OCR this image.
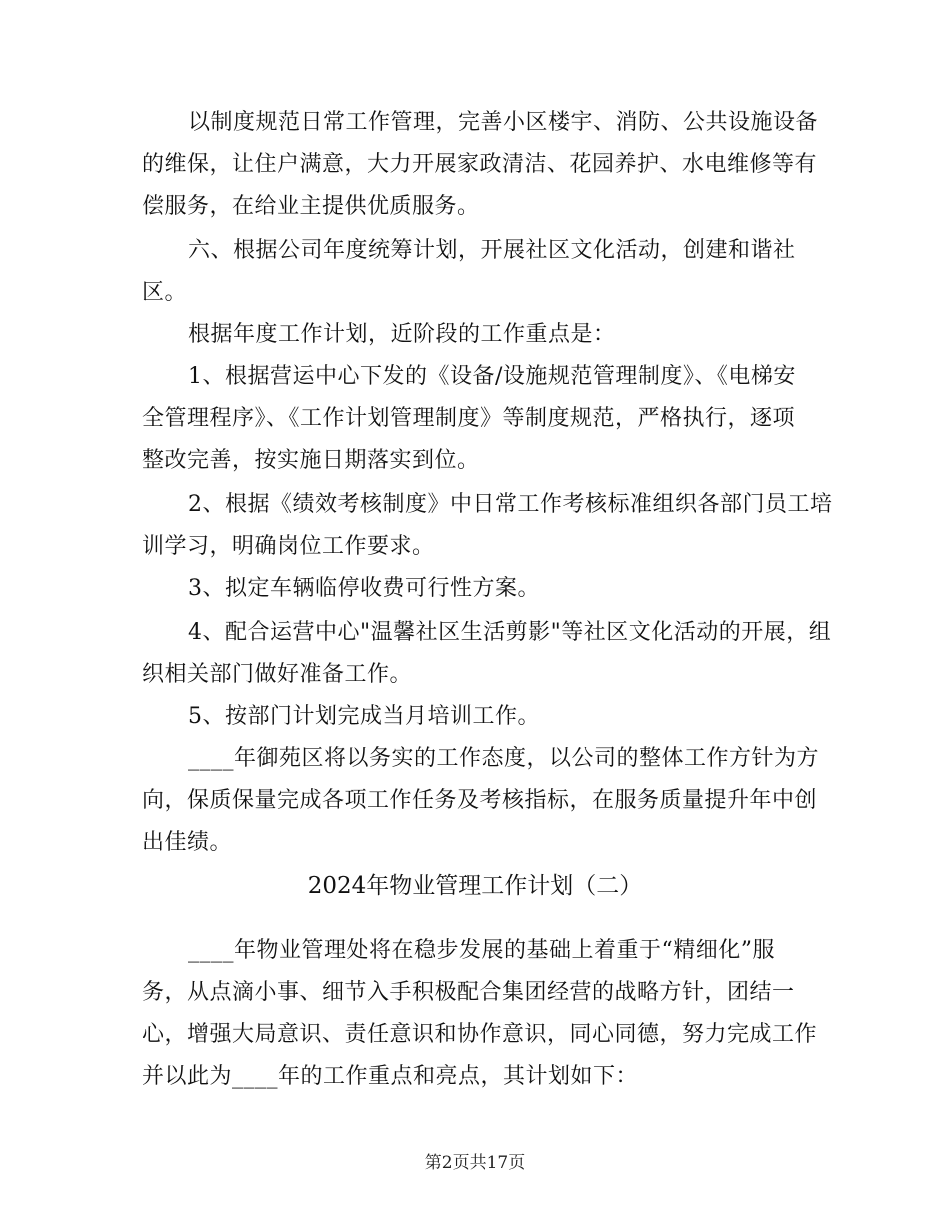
以制度规范日常工作管理，完善小区楼宇、消防、公共设施设备
的维保，让住户满意，大力开展家政清洁、花园养护、水电维修等有
偿服务，在给业主提供优质服务。
六、根据公司年度统筹计划，开展社区文化活动，创建和谐社
区。
根据年度工作计划，近阶段的工作重点是：
1、根据营运中心下发的《设备/设施规范管理制度》、《电梯安
全管理程序》、《工作计划管理制度》等制度规范，严格执行，逐项
整改完善，按实施日期落实到位。
2、根据《绩效考核制度》中日常工作考核标准组织各部门员工培
训学习，明确岗位工作要求。
3、拟定车辆临停收费可行性方案。
4、配合运营中心"温馨社区生活剪影"等社区文化活动的开展，组
织相关部门做好准备工作。
5、按部门计划完成当月培训工作。
____年御苑区将以务实的工作态度，以公司的整体工作方针为方
向，保质保量完成各项工作任务及考核指标，在服务质量提升年中创
出佳绩。
2024年物业管理工作计划（二）
____年物业管理处将在稳步发展的基础上着重于“精细化”服
务，从点滴小事、细节入手积极配合集团经营的战略方针，团结一
心，增强大局意识、责任意识和协作意识，同心同德，努力完成工作
并以此为____年的工作重点和亮点，其计划如下：
第2页共17页
